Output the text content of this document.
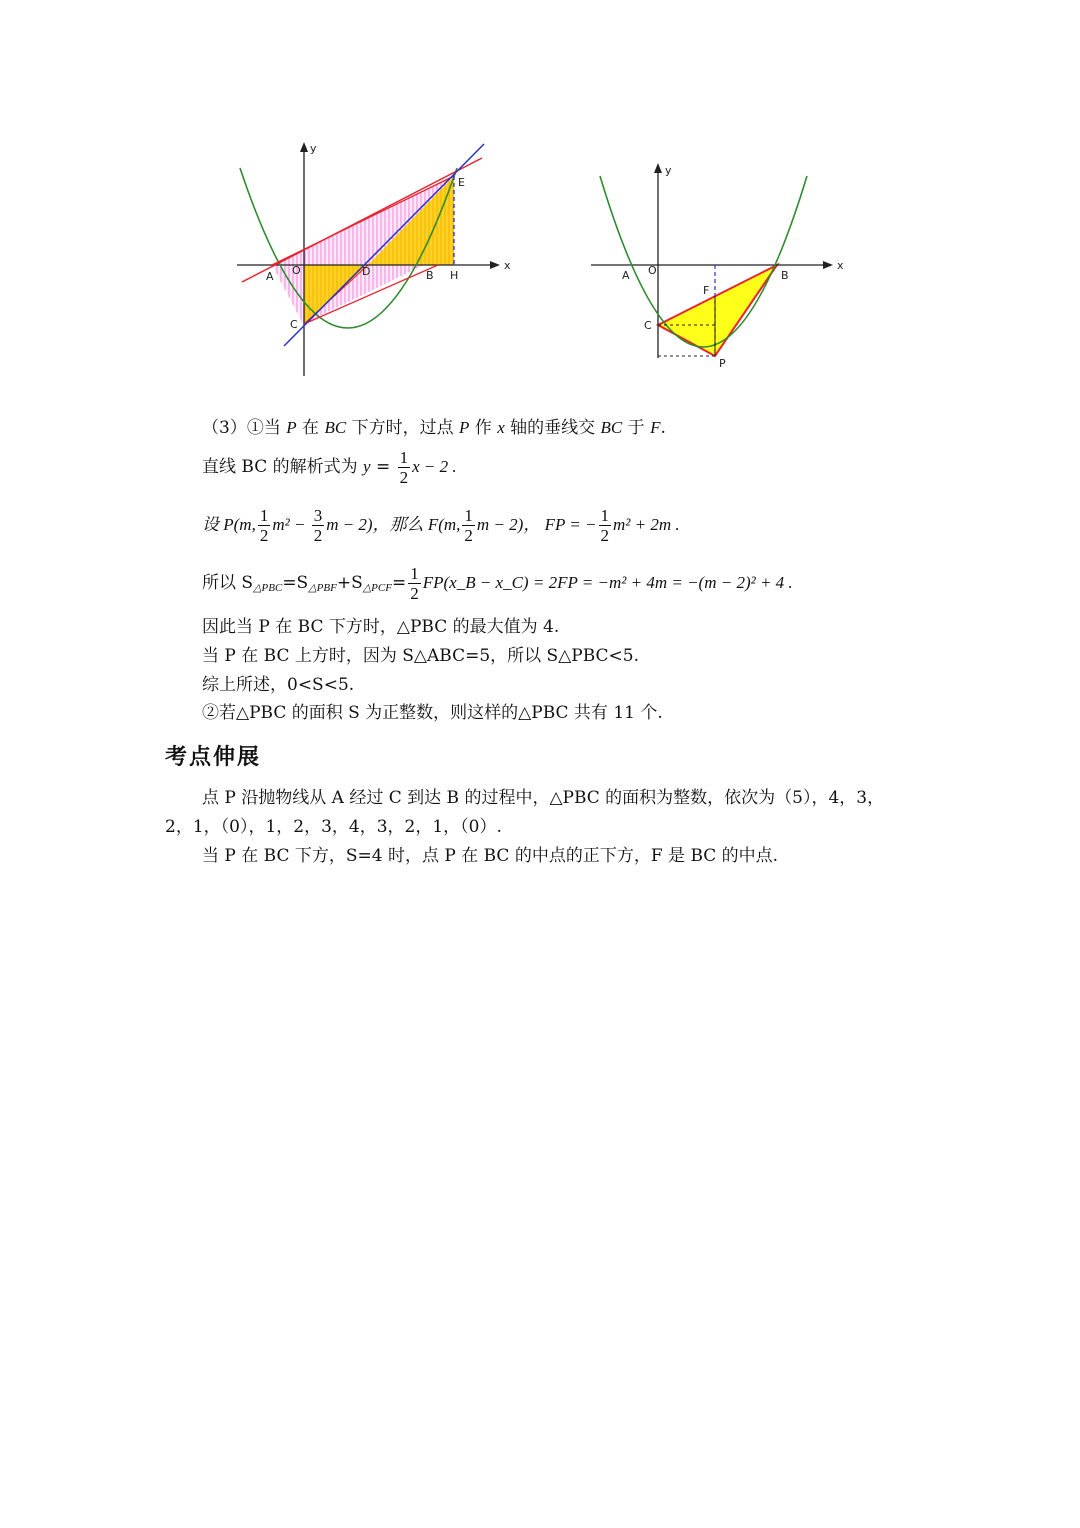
y
x
A O	D	B H
E
C
y
x
A O	B
F
C
P
（3）①当 P 在 BC 下方时，过点 P 作 x 轴的垂线交 BC 于 F.
直线 BC 的解析式为 $y = \frac{1}{2}$ x − 2 .
设 P(m, $\frac{1}{2} m^2 - \frac{3}{2}$ m − 2)，那么 F(m, $\frac{1}{2}$ m − 2)， FP = − $\frac{1}{2} m^2 + 2m$ .
所以 $S_{\triangle PBC}=S_{\triangle PBF}+S_{\triangle PCF}= \frac{1}{2}$ FP(x_B − x_C) = 2FP = −m² + 4m = −(m − 2)² + 4 .
因此当 P 在 BC 下方时，△PBC 的最大值为 4.
当 P 在 BC 上方时，因为 S△ABC=5，所以 S△PBC<5.
综上所述，0<S<5.
②若△PBC 的面积 S 为正整数，则这样的△PBC 共有 11 个.
考点伸展
点 P 沿抛物线从 A 经过 C 到达 B 的过程中，△PBC 的面积为整数，依次为（5），4，3，
2，1，（0），1，2，3，4，3，2，1，（0）.
当 P 在 BC 下方，S=4 时，点 P 在 BC 的中点的正下方，F 是 BC 的中点.
